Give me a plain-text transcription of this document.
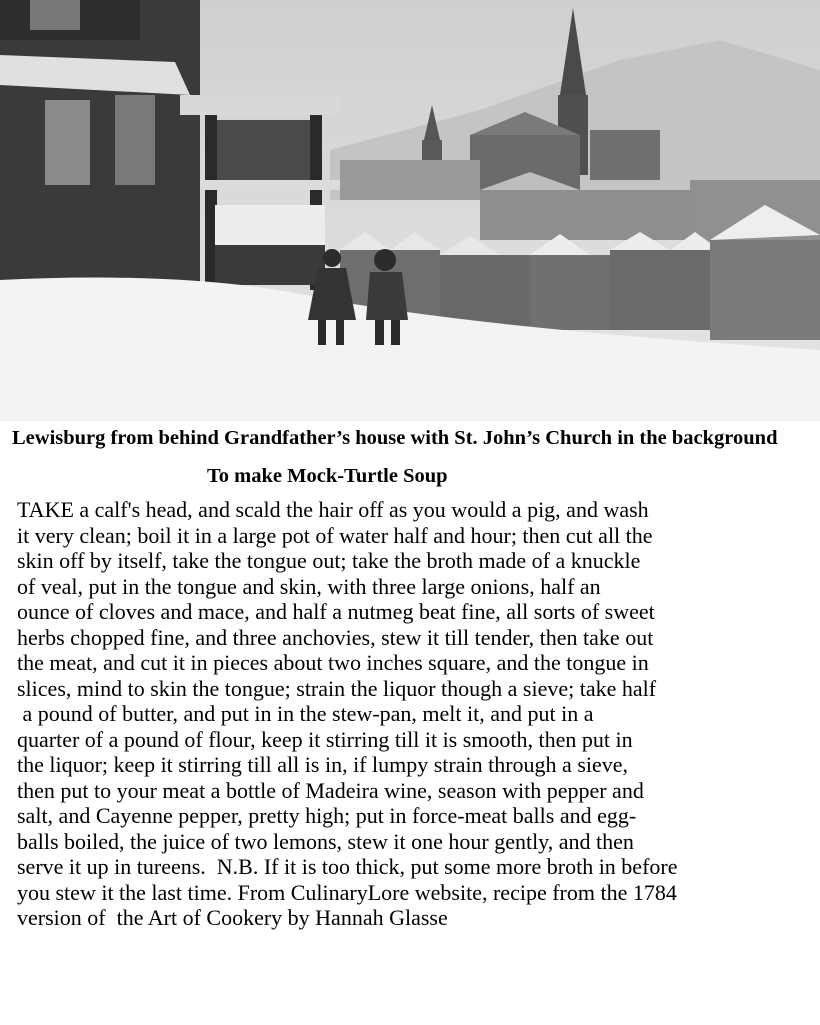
Lewisburg from behind Grandfather’s house with St. John’s Church in the background

To make Mock-Turtle Soup

TAKE a calf's head, and scald the hair off as you would a pig, and wash
it very clean; boil it in a large pot of water half and hour; then cut all the
skin off by itself, take the tongue out; take the broth made of a knuckle
of veal, put in the tongue and skin, with three large onions, half an
ounce of cloves and mace, and half a nutmeg beat fine, all sorts of sweet
herbs chopped fine, and three anchovies, stew it till tender, then take out
the meat, and cut it in pieces about two inches square, and the tongue in
slices, mind to skin the tongue; strain the liquor though a sieve; take half
a pound of butter, and put in in the stew-pan, melt it, and put in a
quarter of a pound of flour, keep it stirring till it is smooth, then put in
the liquor; keep it stirring till all is in, if lumpy strain through a sieve,
then put to your meat a bottle of Madeira wine, season with pepper and
salt, and Cayenne pepper, pretty high; put in force-meat balls and egg-
balls boiled, the juice of two lemons, stew it one hour gently, and then
serve it up in tureens.  N.B. If it is too thick, put some more broth in before
you stew it the last time. From CulinaryLore website, recipe from the 1784
version of  the Art of Cookery by Hannah Glasse
